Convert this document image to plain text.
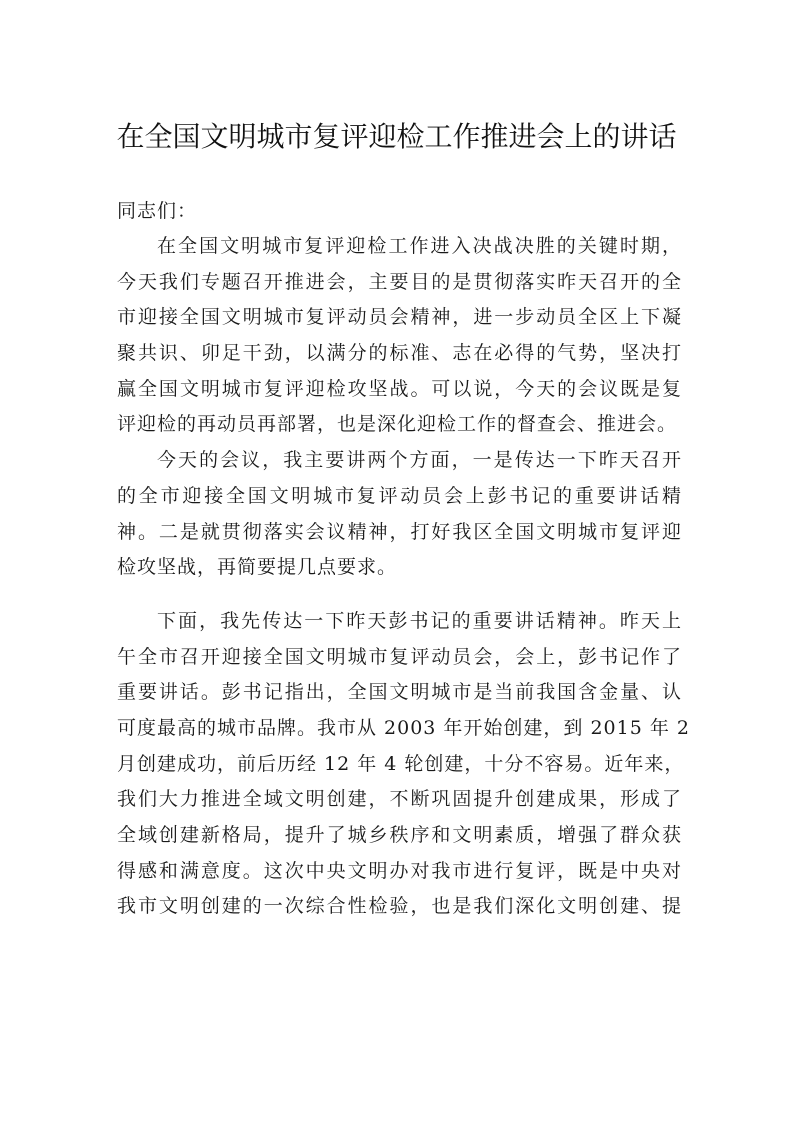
在全国文明城市复评迎检工作推进会上的讲话
同志们：
在全国文明城市复评迎检工作进入决战决胜的关键时期，
今天我们专题召开推进会，主要目的是贯彻落实昨天召开的全
市迎接全国文明城市复评动员会精神，进一步动员全区上下凝
聚共识、卯足干劲，以满分的标准、志在必得的气势，坚决打
赢全国文明城市复评迎检攻坚战。可以说，今天的会议既是复
评迎检的再动员再部署，也是深化迎检工作的督查会、推进会。
今天的会议，我主要讲两个方面，一是传达一下昨天召开
的全市迎接全国文明城市复评动员会上彭书记的重要讲话精
神。二是就贯彻落实会议精神，打好我区全国文明城市复评迎
检攻坚战，再简要提几点要求。
下面，我先传达一下昨天彭书记的重要讲话精神。昨天上
午全市召开迎接全国文明城市复评动员会，会上，彭书记作了
重要讲话。彭书记指出，全国文明城市是当前我国含金量、认
可度最高的城市品牌。我市从 2003 年开始创建，到 2015 年 2
月创建成功，前后历经 12 年 4 轮创建，十分不容易。近年来，
我们大力推进全域文明创建，不断巩固提升创建成果，形成了
全域创建新格局，提升了城乡秩序和文明素质，增强了群众获
得感和满意度。这次中央文明办对我市进行复评，既是中央对
我市文明创建的一次综合性检验，也是我们深化文明创建、提
